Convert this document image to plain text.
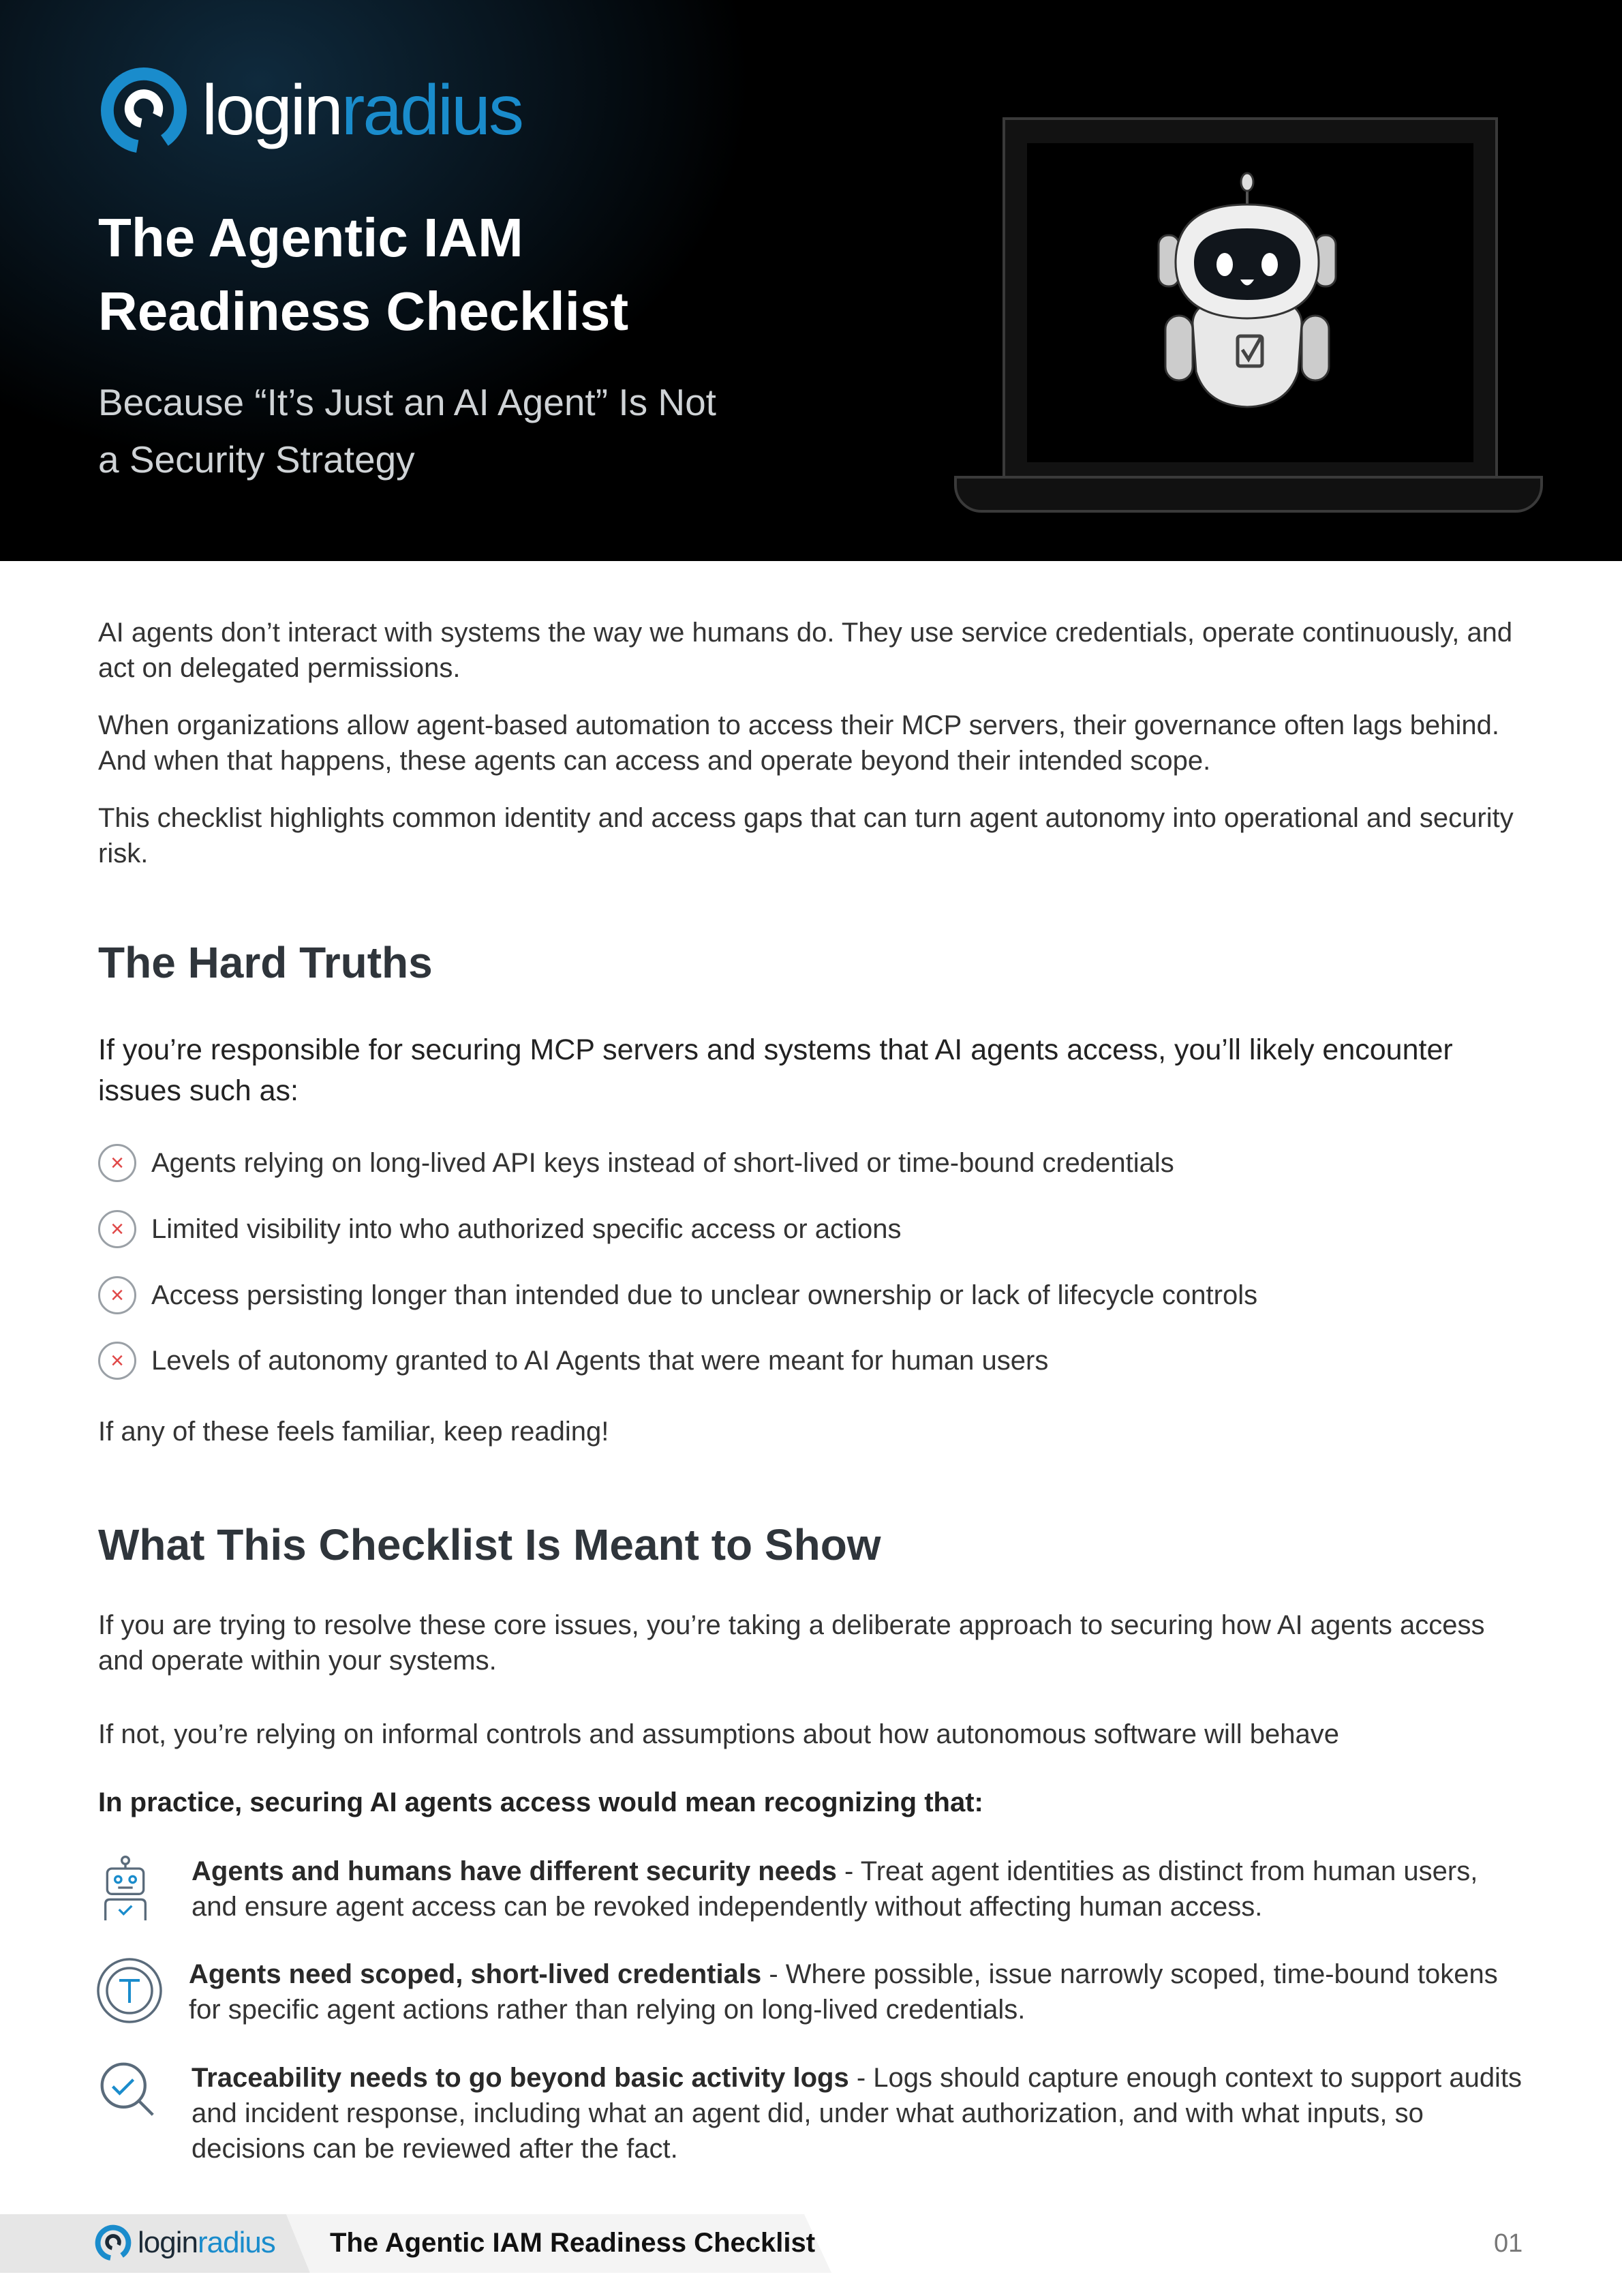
loginradius
The Agentic IAM
Readiness Checklist
Because “It’s Just an AI Agent” Is Not
a Security Strategy

AI agents don’t interact with systems the way we humans do. They use service credentials, operate continuously, and act on delegated permissions.

When organizations allow agent-based automation to access their MCP servers, their governance often lags behind. And when that happens, these agents can access and operate beyond their intended scope.

This checklist highlights common identity and access gaps that can turn agent autonomy into operational and security risk.

The Hard Truths
If you’re responsible for securing MCP servers and systems that AI agents access, you’ll likely encounter issues such as:
×	Agents relying on long-lived API keys instead of short-lived or time-bound credentials
×	Limited visibility into who authorized specific access or actions
×	Access persisting longer than intended due to unclear ownership or lack of lifecycle controls
×	Levels of autonomy granted to AI Agents that were meant for human users
If any of these feels familiar, keep reading!
What This Checklist Is Meant to Show
If you are trying to resolve these core issues, you’re taking a deliberate approach to securing how AI agents access and operate within your systems.
If not, you’re relying on informal controls and assumptions about how autonomous software will behave
In practice, securing AI agents access would mean recognizing that:
Agents and humans have different security needs - Treat agent identities as distinct from human users, and ensure agent access can be revoked independently without affecting human access.
Agents need scoped, short-lived credentials - Where possible, issue narrowly scoped, time-bound tokens for specific agent actions rather than relying on long-lived credentials.
Traceability needs to go beyond basic activity logs - Logs should capture enough context to support audits and incident response, including what an agent did, under what authorization, and with what inputs, so decisions can be reviewed after the fact.
loginradius The Agentic IAM Readiness Checklist	01
